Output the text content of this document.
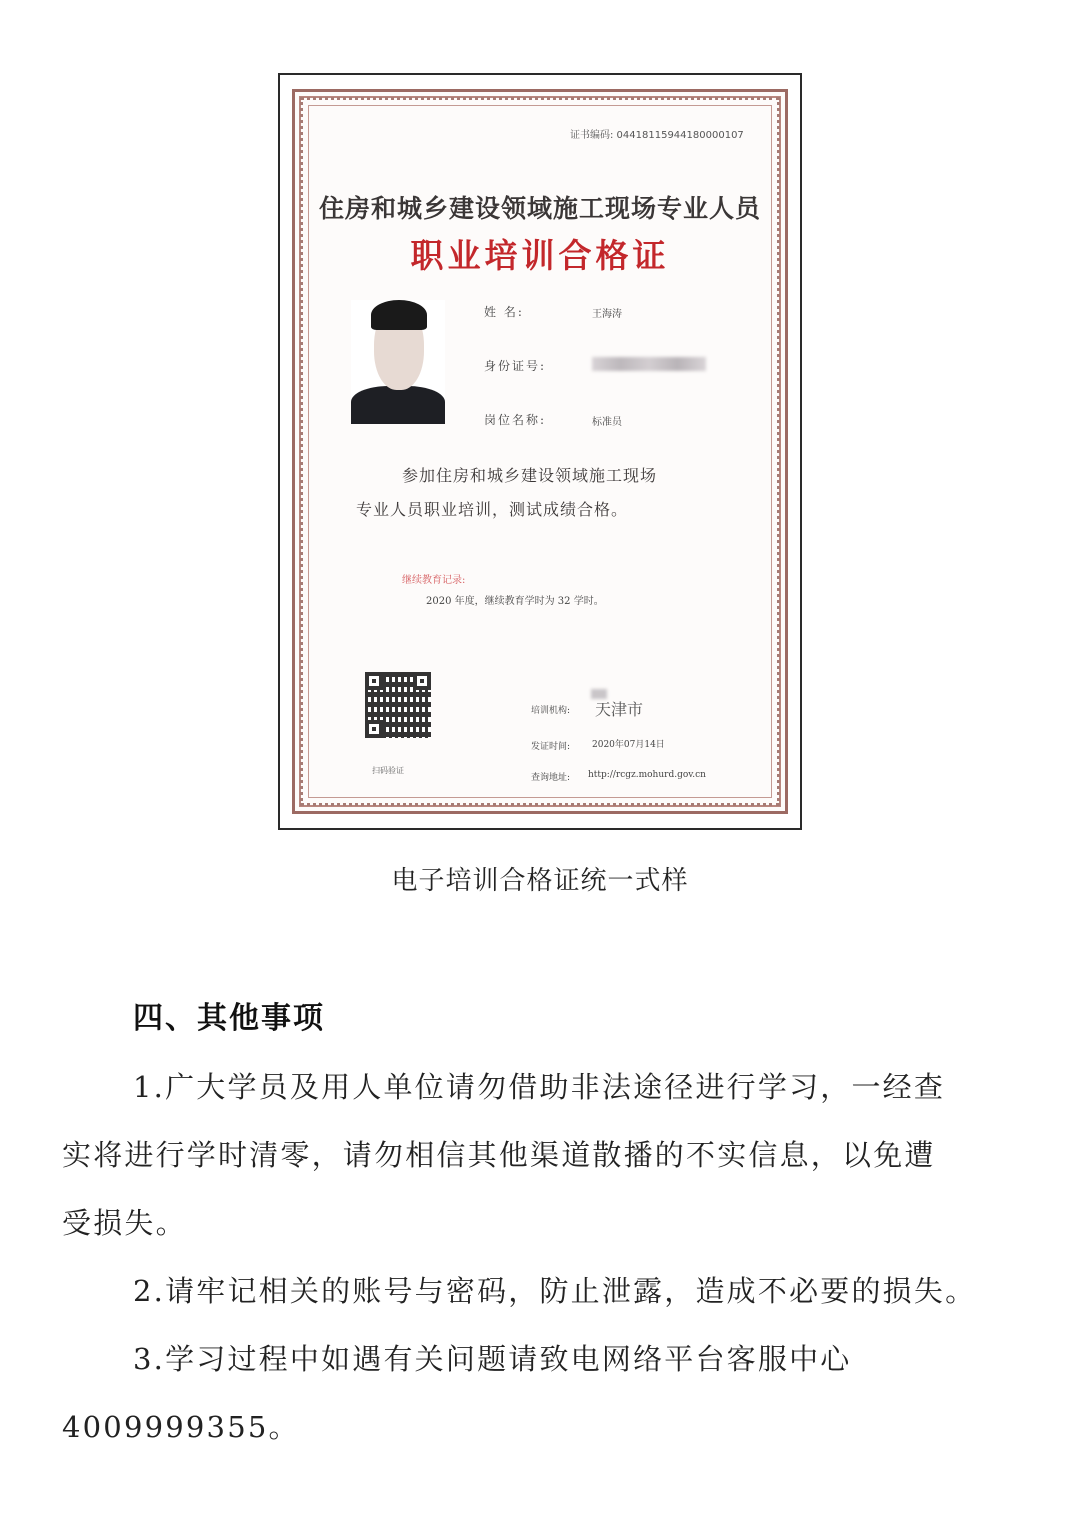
证书编码: 04418115944180000107
住房和城乡建设领域施工现场专业人员
职业培训合格证
姓 名:	王海涛
身份证号:
岗位名称:	标准员
参加住房和城乡建设领域施工现场
专业人员职业培训，测试成绩合格。
继续教育记录:
2020 年度，继续教育学时为 32 学时。
扫码验证
培训机构: 天津市
发证时间: 2020年07月14日
查询地址: http://rcgz.mohurd.gov.cn
电子培训合格证统一式样
四、其他事项
1.广大学员及用人单位请勿借助非法途径进行学习，一经查
实将进行学时清零，请勿相信其他渠道散播的不实信息，以免遭
受损失。
2.请牢记相关的账号与密码，防止泄露，造成不必要的损失。
3.学习过程中如遇有关问题请致电网络平台客服中心
4009999355。
